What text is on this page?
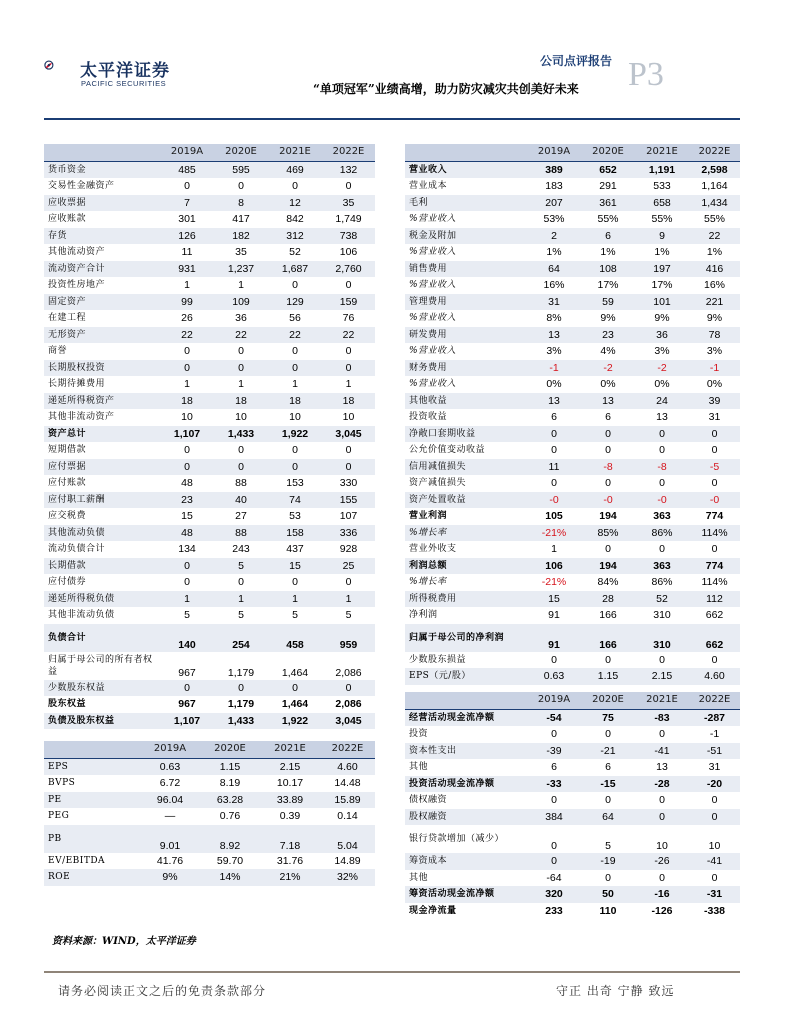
太平洋证券
PACIFIC SECURITIES
公司点评报告 P3
“单项冠军”业绩高增，助力防灾减灾共创美好未来
	2019A	2020E	2021E	2022E
货币资金	485	595	469	132
交易性金融资产	0	0	0	0
应收票据	7	8	12	35
应收账款	301	417	842	1,749
存货	126	182	312	738
其他流动资产	11	35	52	106
流动资产合计	931	1,237	1,687	2,760
投资性房地产	1	1	0	0
固定资产	99	109	129	159
在建工程	26	36	56	76
无形资产	22	22	22	22
商誉	0	0	0	0
长期股权投资	0	0	0	0
长期待摊费用	1	1	1	1
递延所得税资产	18	18	18	18
其他非流动资产	10	10	10	10
资产总计	1,107	1,433	1,922	3,045
短期借款	0	0	0	0
应付票据	0	0	0	0
应付账款	48	88	153	330
应付职工薪酬	23	40	74	155
应交税费	15	27	53	107
其他流动负债	48	88	158	336
流动负债合计	134	243	437	928
长期借款	0	5	15	25
应付债券	0	0	0	0
递延所得税负债	1	1	1	1
其他非流动负债	5	5	5	5
负债合计	140	254	458	959
归属于母公司的所有者权益	967	1,179	1,464	2,086
少数股东权益	0	0	0	0
股东权益	967	1,179	1,464	2,086
负债及股东权益	1,107	1,433	1,922	3,045
	2019A	2020E	2021E	2022E
营业收入	389	652	1,191	2,598
营业成本	183	291	533	1,164
毛利	207	361	658	1,434
%营业收入	53%	55%	55%	55%
税金及附加	2	6	9	22
%营业收入	1%	1%	1%	1%
销售费用	64	108	197	416
%营业收入	16%	17%	17%	16%
管理费用	31	59	101	221
%营业收入	8%	9%	9%	9%
研发费用	13	23	36	78
%营业收入	3%	4%	3%	3%
财务费用	-1	-2	-2	-1
%营业收入	0%	0%	0%	0%
其他收益	13	13	24	39
投资收益	6	6	13	31
净敞口套期收益	0	0	0	0
公允价值变动收益	0	0	0	0
信用减值损失	11	-8	-8	-5
资产减值损失	0	0	0	0
资产处置收益	-0	-0	-0	-0
营业利润	105	194	363	774
%增长率	-21%	85%	86%	114%
营业外收支	1	0	0	0
利润总额	106	194	363	774
%增长率	-21%	84%	86%	114%
所得税费用	15	28	52	112
净利润	91	166	310	662
归属于母公司的净利润	91	166	310	662
少数股东损益	0	0	0	0
EPS（元/股）	0.63	1.15	2.15	4.60
	2019A	2020E	2021E	2022E
经营活动现金流净额	-54	75	-83	-287
投资	0	0	0	-1
资本性支出	-39	-21	-41	-51
其他	6	6	13	31
投资活动现金流净额	-33	-15	-28	-20
债权融资	0	0	0	0
股权融资	384	64	0	0
银行贷款增加（减少）	0	5	10	10
筹资成本	0	-19	-26	-41
其他	-64	0	0	0
筹资活动现金流净额	320	50	-16	-31
现金净流量	233	110	-126	-338
	2019A	2020E	2021E	2022E
EPS	0.63	1.15	2.15	4.60
BVPS	6.72	8.19	10.17	14.48
PE	96.04	63.28	33.89	15.89
PEG	—	0.76	0.39	0.14
PB	9.01	8.92	7.18	5.04
EV/EBITDA	41.76	59.70	31.76	14.89
ROE	9%	14%	21%	32%
资料来源：WIND，太平洋证券
请务必阅读正文之后的免责条款部分	守正 出奇 宁静 致远
